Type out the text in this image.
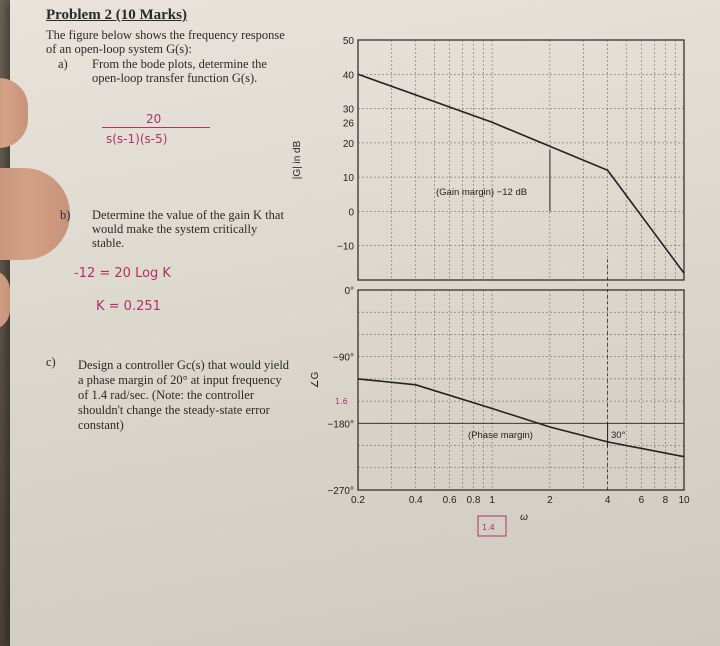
Problem 2 (10 Marks)
The figure below shows the frequency response of an open-loop system G(s):
a) From the bode plots, determine the open-loop transfer function G(s).
20
s(s-1)(s-5)
b) Determine the value of the gain K that would make the system critically stable.
-12 = 20 Log K
K = 0.251
c) Design a controller Gc(s) that would yield a phase margin of 20° at input frequency of 1.4 rad/sec. (Note: the controller shouldn't change the steady-state error constant)
50
40
30
26
20
10
0
−10
0°
−90°
−180°
−270°
0.2	0.4 0.6 0.8 1	2	4	6 8 10
|G| in dB
∠G
ω
(Gain margin) −12 dB
(Phase margin)	30°
1.6
1.4
